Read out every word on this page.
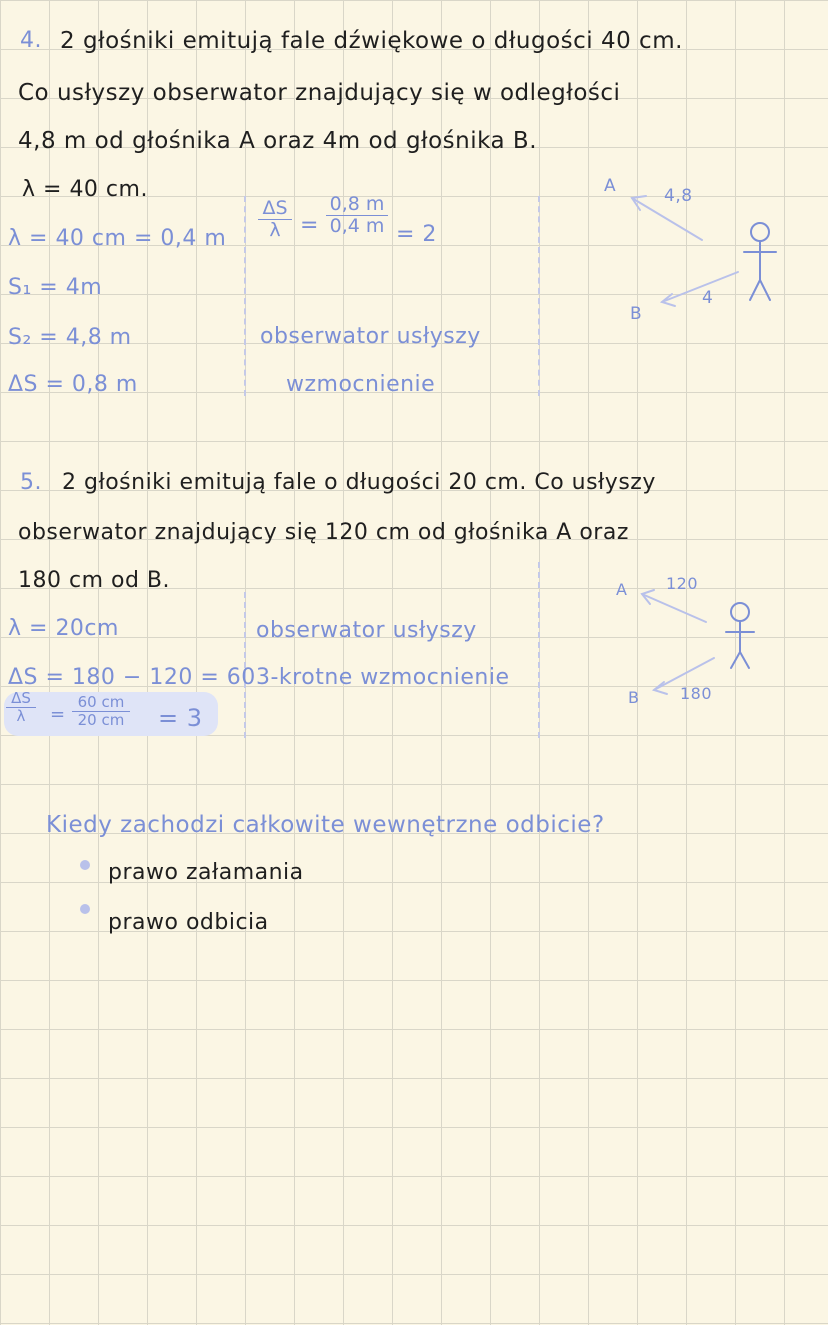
4. 2 głośniki emitują fale dźwiękowe o długości 40 cm.
Co usłyszy obserwator znajdujący się w odległości
4,8 m od głośnika A oraz 4m od głośnika B.
λ = 40 cm.
λ = 40 cm = 0,4 m
S₁ = 4m
S₂ = 4,8 m
ΔS = 0,8 m
$\frac{\Delta S}{\lambda} = \frac{0,8 m}{0,4 m} = 2$
obserwator usłyszy
wzmocnienie
A	4,8
B
4
5. 2 głośniki emitują fale o długości 20 cm. Co usłyszy
obserwator znajdujący się 120 cm od głośnika A oraz
180 cm od B.
λ = 20cm
ΔS = 180 − 120 = 60
$\frac{\Delta S}{\lambda} = \frac{60 cm}{20 cm} = 3$
obserwator usłyszy
3-krotne wzmocnienie
A 120
B	180
Kiedy zachodzi całkowite wewnętrzne odbicie?
prawo załamania
prawo odbicia
